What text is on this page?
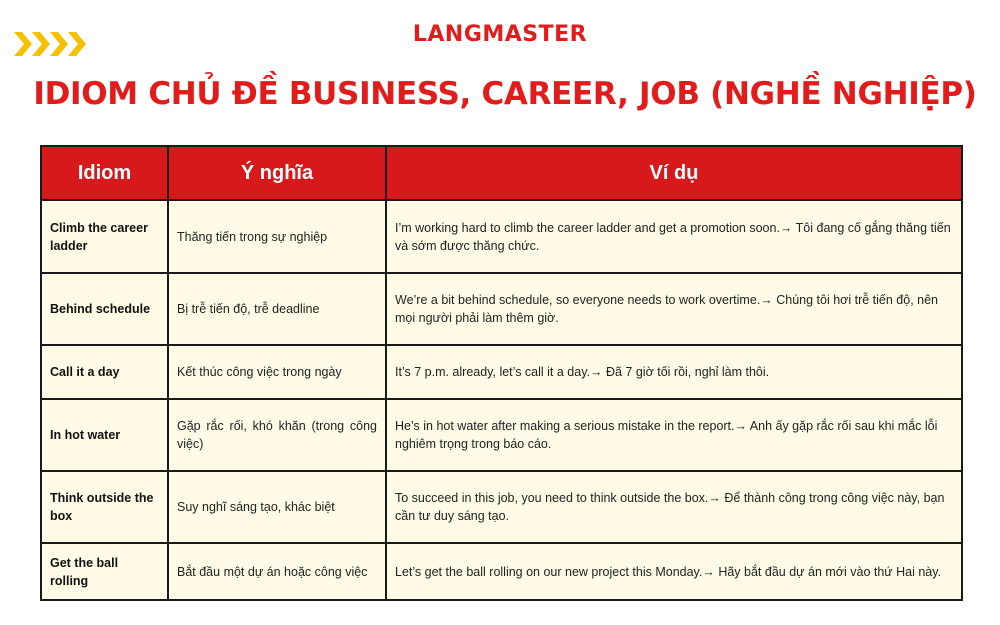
LANGMASTER
IDIOM CHỦ ĐỀ BUSINESS, CAREER, JOB (NGHỀ NGHIỆP)
Idiom	Ý nghĩa	Ví dụ
Climb the career ladder	Thăng tiến trong sự nghiệp	I’m working hard to climb the career ladder and get a promotion soon.→ Tôi đang cố gắng thăng tiến và sớm được thăng chức.
Behind schedule	Bị trễ tiến độ, trễ deadline	We’re a bit behind schedule, so everyone needs to work overtime.→ Chúng tôi hơi trễ tiến độ, nên mọi người phải làm thêm giờ.
Call it a day	Kết thúc công việc trong ngày	It’s 7 p.m. already, let’s call it a day.→ Đã 7 giờ tối rồi, nghỉ làm thôi.
In hot water	Gặp rắc rối, khó khăn (trong công việc)	He’s in hot water after making a serious mistake in the report.→ Anh ấy gặp rắc rối sau khi mắc lỗi nghiêm trọng trong báo cáo.
Think outside the box	Suy nghĩ sáng tạo, khác biệt	To succeed in this job, you need to think outside the box.→ Để thành công trong công việc này, bạn cần tư duy sáng tạo.
Get the ball rolling	Bắt đầu một dự án hoặc công việc	Let’s get the ball rolling on our new project this Monday.→ Hãy bắt đầu dự án mới vào thứ Hai này.
